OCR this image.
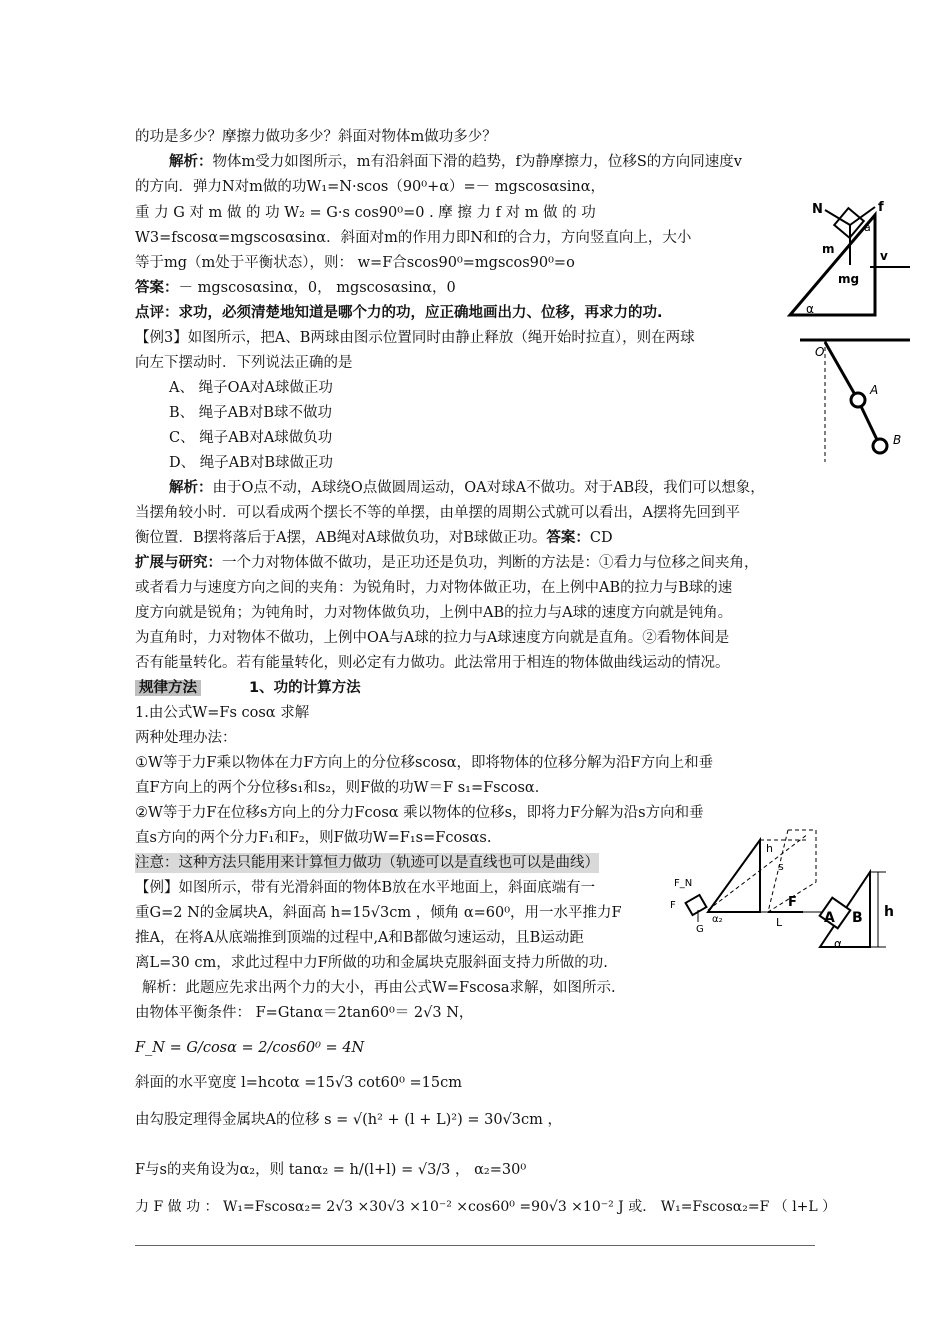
的功是多少？摩擦力做功多少？斜面对物体m做功多少？
解析：物体m受力如图所示，m有沿斜面下滑的趋势，f为静摩擦力，位移S的方向同速度v
的方向．弹力N对m做的功W₁=N·scos（90⁰+α）=－ mgscosαsinα，
重 力 G 对 m 做 的 功 W₂ = G·s cos90⁰=0 . 摩 擦 力 f 对 m 做 的 功
W3=fscosα=mgscosαsinα．斜面对m的作用力即N和f的合力，方向竖直向上，大小
等于mg（m处于平衡状态），则： w=F合scos90⁰=mgscos90⁰=o
答案：－ mgscosαsinα，0， mgscosαsinα，0
点评：求功，必须清楚地知道是哪个力的功，应正确地画出力、位移，再求力的功.
【例3】如图所示，把A、B两球由图示位置同时由静止释放（绳开始时拉直），则在两球
向左下摆动时．下列说法正确的是
A、 绳子OA对A球做正功
B、 绳子AB对B球不做功
C、 绳子AB对A球做负功
D、 绳子AB对B球做正功
解析：由于O点不动，A球绕O点做圆周运动，OA对球A不做功。对于AB段，我们可以想象，
当摆角较小时．可以看成两个摆长不等的单摆，由单摆的周期公式就可以看出，A摆将先回到平
衡位置．B摆将落后于A摆，AB绳对A球做负功，对B球做正功。答案：CD
扩展与研究：一个力对物体做不做功，是正功还是负功，判断的方法是：①看力与位移之间夹角，
或者看力与速度方向之间的夹角：为锐角时，力对物体做正功，在上例中AB的拉力与B球的速
度方向就是锐角；为钝角时，力对物体做负功，上例中AB的拉力与A球的速度方向就是钝角。
为直角时，力对物体不做功，上例中OA与A球的拉力与A球速度方向就是直角。②看物体间是
否有能量转化。若有能量转化，则必定有力做功。此法常用于相连的物体做曲线运动的情况。
规律方法	1、功的计算方法
1.由公式W=Fs cosα 求解
两种处理办法：
①W等于力F乘以物体在力F方向上的分位移scosα，即将物体的位移分解为沿F方向上和垂
直F方向上的两个分位移s₁和s₂，则F做的功W＝F s₁=Fscosα．
②W等于力F在位移s方向上的分力Fcosα 乘以物体的位移s，即将力F分解为沿s方向和垂
直s方向的两个分力F₁和F₂，则F做功W=F₁s=Fcosαs.
注意：这种方法只能用来计算恒力做功（轨迹可以是直线也可以是曲线）
【例】如图所示，带有光滑斜面的物体B放在水平地面上，斜面底端有一
重G=2 N的金属块A，斜面高 h=15√3cm ，倾角 α=60⁰，用一水平推力F
推A，在将A从底端推到顶端的过程中,A和B都做匀速运动，且B运动距
离L=30 cm，求此过程中力F所做的功和金属块克服斜面支持力所做的功.
解析：此题应先求出两个力的大小，再由公式W=Fscosa求解，如图所示.
由物体平衡条件： F=Gtanα＝2tan60⁰＝ 2√3 N，
F_N = G/cosα = 2/cos60⁰ = 4N
斜面的水平宽度 l=hcotα =15√3 cot60⁰ =15cm
由勾股定理得金属块A的位移 s = √(h² + (l + L)²) = 30√3cm ，
F与s的夹角设为α₂，则 tanα₂ = h/(l+l) = √3/3 ， α₂=30⁰
力 F 做 功 ： W₁=Fscosα₂= 2√3 ×30√3 ×10⁻² ×cos60⁰ =90√3 ×10⁻² J 或． W₁=Fscosα₂=F （ l+L ）
N	f
a
m	v
mg
α
O
A
B
h
s
α₂
F
L
F_N
F
G
A B h
α
